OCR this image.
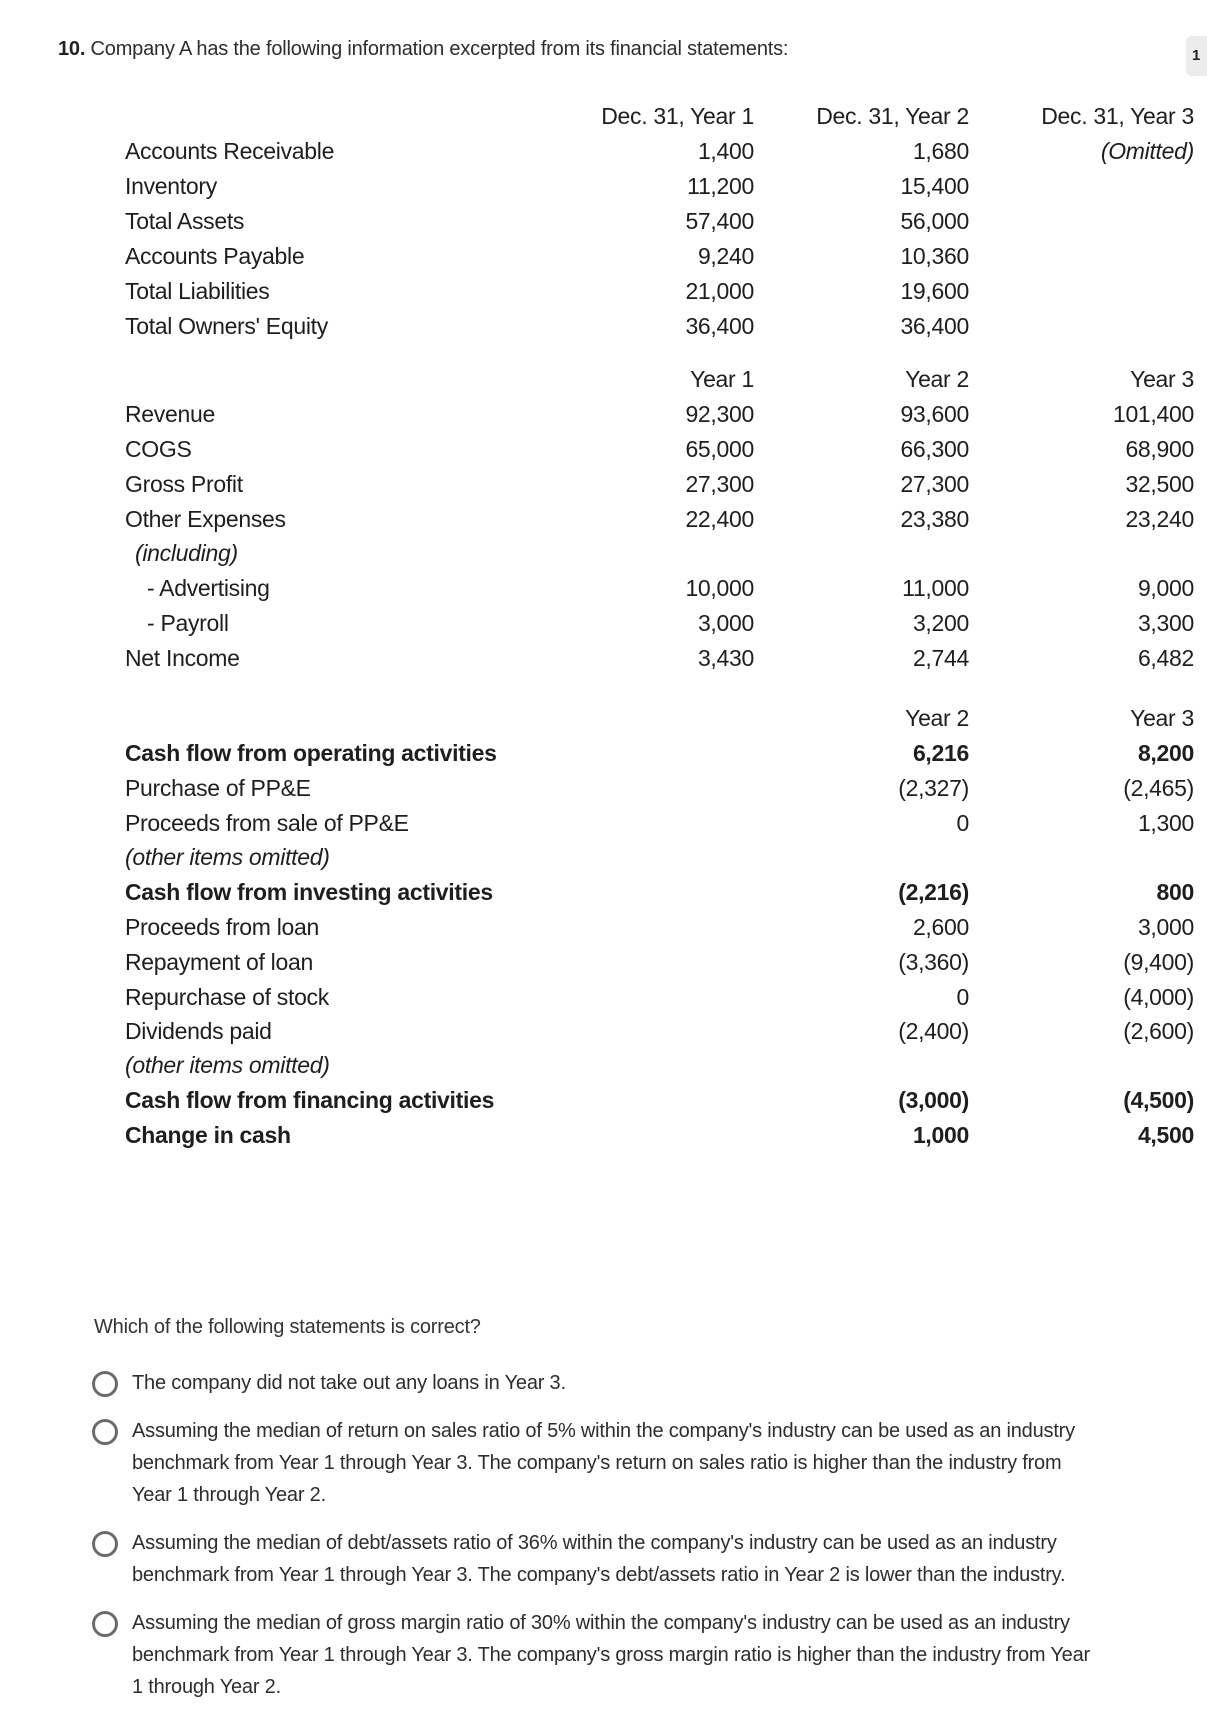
10. Company A has the following information excerpted from its financial statements:	1
Dec. 31, Year 1	Dec. 31, Year 2	Dec. 31, Year 3
Accounts Receivable	1,400	1,680	(Omitted)
Inventory	11,200	15,400
Total Assets	57,400	56,000
Accounts Payable	9,240	10,360
Total Liabilities	21,000	19,600
Total Owners' Equity	36,400	36,400
Year 1	Year 2	Year 3
Revenue	92,300	93,600	101,400
COGS	65,000	66,300	68,900
Gross Profit	27,300	27,300	32,500
Other Expenses	22,400	23,380	23,240
(including)
- Advertising	10,000	11,000	9,000
- Payroll	3,000	3,200	3,300
Net Income	3,430	2,744	6,482
Year 2	Year 3
Cash flow from operating activities	6,216	8,200
Purchase of PP&E	(2,327)	(2,465)
Proceeds from sale of PP&E	0	1,300
(other items omitted)
Cash flow from investing activities	(2,216)	800
Proceeds from loan	2,600	3,000
Repayment of loan	(3,360)	(9,400)
Repurchase of stock	0	(4,000)
Dividends paid	(2,400)	(2,600)
(other items omitted)
Cash flow from financing activities	(3,000)	(4,500)
Change in cash	1,000	4,500
Which of the following statements is correct?
The company did not take out any loans in Year 3.
Assuming the median of return on sales ratio of 5% within the company's industry can be used as an industry benchmark from Year 1 through Year 3. The company's return on sales ratio is higher than the industry from Year 1 through Year 2.
Assuming the median of debt/assets ratio of 36% within the company's industry can be used as an industry benchmark from Year 1 through Year 3. The company's debt/assets ratio in Year 2 is lower than the industry.
Assuming the median of gross margin ratio of 30% within the company's industry can be used as an industry benchmark from Year 1 through Year 3. The company's gross margin ratio is higher than the industry from Year 1 through Year 2.
